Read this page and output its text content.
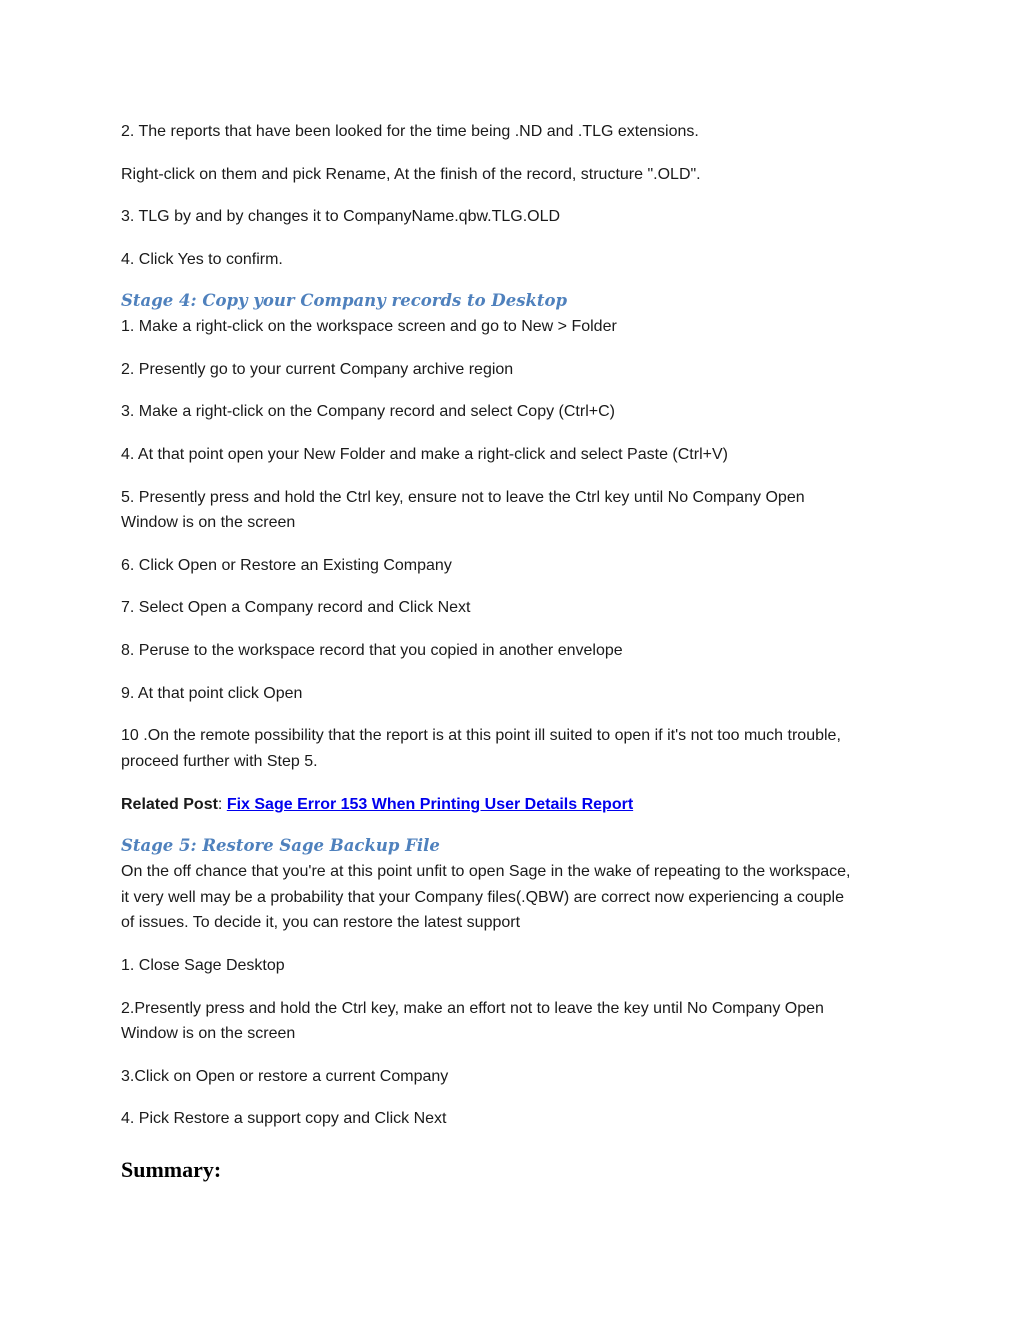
2. The reports that have been looked for the time being .ND and .TLG extensions.
Right-click on them and pick Rename, At the finish of the record, structure ".OLD".
3. TLG by and by changes it to CompanyName.qbw.TLG.OLD
4. Click Yes to confirm.
Stage 4: Copy your Company records to Desktop
1. Make a right-click on the workspace screen and go to New > Folder
2. Presently go to your current Company archive region
3. Make a right-click on the Company record and select Copy (Ctrl+C)
4. At that point open your New Folder and make a right-click and select Paste (Ctrl+V)
5. Presently press and hold the Ctrl key, ensure not to leave the Ctrl key until No Company Open
Window is on the screen
6. Click Open or Restore an Existing Company
7. Select Open a Company record and Click Next
8. Peruse to the workspace record that you copied in another envelope
9. At that point click Open
10 .On the remote possibility that the report is at this point ill suited to open if it's not too much trouble,
proceed further with Step 5.
Related Post: Fix Sage Error 153 When Printing User Details Report
Stage 5: Restore Sage Backup File
On the off chance that you're at this point unfit to open Sage in the wake of repeating to the workspace,
it very well may be a probability that your Company files(.QBW) are correct now experiencing a couple
of issues. To decide it, you can restore the latest support
1. Close Sage Desktop
2.Presently press and hold the Ctrl key, make an effort not to leave the key until No Company Open
Window is on the screen
3.Click on Open or restore a current Company
4. Pick Restore a support copy and Click Next
Summary:
